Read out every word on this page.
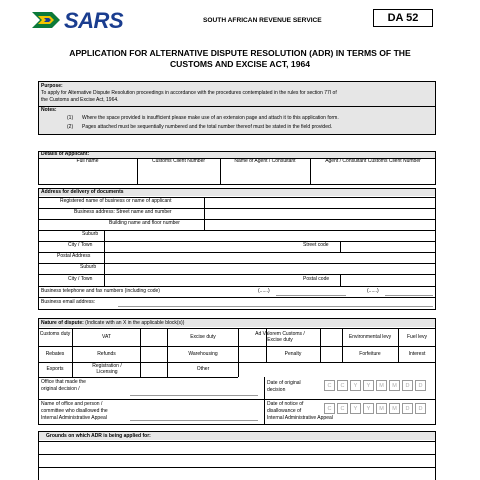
SARS	SOUTH AFRICAN REVENUE SERVICE	DA 52
APPLICATION FOR ALTERNATIVE DISPUTE RESOLUTION (ADR) IN TERMS OF THE
CUSTOMS AND EXCISE ACT, 1964
Purpose:
To apply for Alternative Dispute Resolution proceedings in accordance with the procedures contemplated in the rules for section 77I of
the Customs and Excise Act, 1964.
Notes:
(1) Where the space provided is insufficient please make use of an extension page and attach it to this application form.
(2) Pages attached must be sequentially numbered and the total number thereof must be stated in the field provided.
Details of Applicant:
Full name	Customs Client Number	Name of Agent / Consultant	Agent / Consultant Customs Client Number
Address for delivery of documents
Registered name of business or name of applicant
Business address: Street name and number
Building name and floor number
Suburb
City / Town	Street code
Postal Address
Suburb
City / Town	Postal code
Business telephone and fax numbers (including code)	(......)	(......)
Business email address:
Nature of dispute: (Indicate with an X in the applicable block(s))
Customs duty	VAT	Excise duty	Ad Valorem Customs / Excise duty	Environmental levy	Fuel levy
Rebates	Refunds	Warehousing	Penalty	Forfeiture	Interest
Exports	Registration / Licensing	Other
Office that made the
original decision /
Date of original
decision
C	C	Y	Y	M	M	D	D
Name of office and person /
committee who disallowed the
Internal Administrative Appeal
Date of notice of
disallowance of
Internal Administrative Appeal
C	C	Y	Y	M	M	D	D
Grounds on which ADR is being applied for:
